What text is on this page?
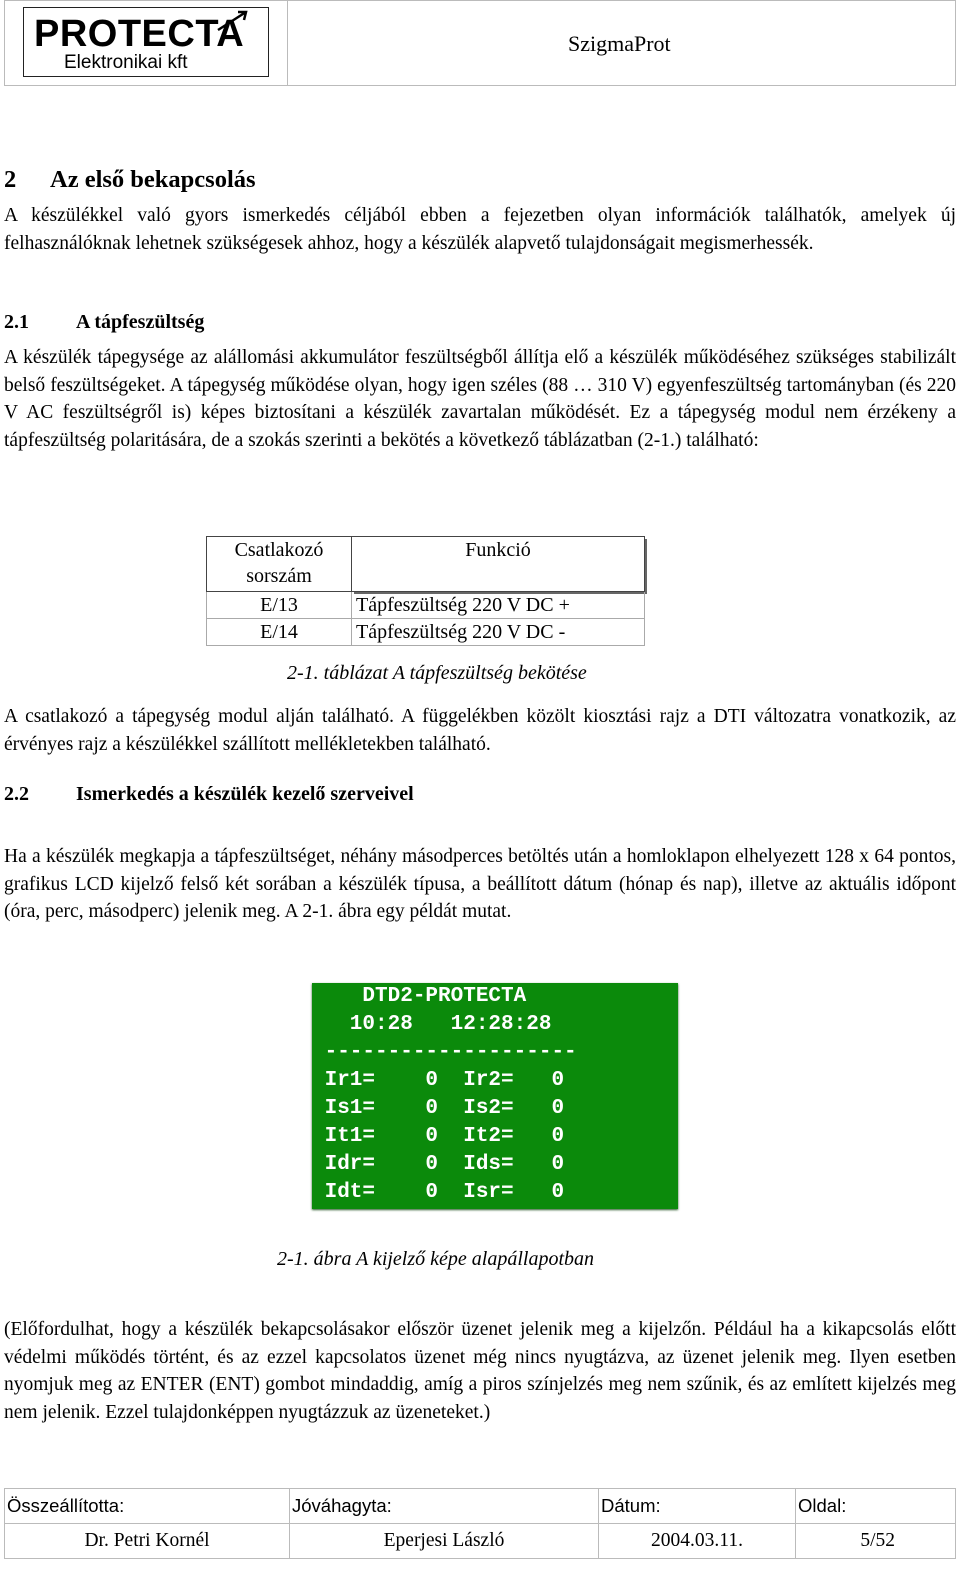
PROTECTA
Elektronikai kft
SzigmaProt
2 Az első bekapcsolás

A készülékkel való gyors ismerkedés céljából ebben a fejezetben olyan információk találhatók, amelyek új felhasználóknak lehetnek szükségesek ahhoz, hogy a készülék alapvető tulajdonságait megismerhessék.

2.1 A tápfeszültség

A készülék tápegysége az alállomási akkumulátor feszültségből állítja elő a készülék működéséhez szükséges stabilizált belső feszültségeket. A tápegység működése olyan, hogy igen széles (88 … 310 V) egyenfeszültség tartományban (és 220 V AC feszültségről is) képes biztosítani a készülék zavartalan működését. Ez a tápegység modul nem érzékeny a tápfeszültség polaritására, de a szokás szerinti a bekötés a következő táblázatban (2-1.) található:

Csatlakozó sorszám	Funkció
E/13	Tápfeszültség 220 V DC +
E/14	Tápfeszültség 220 V DC -
2-1. táblázat A tápfeszültség bekötése

A csatlakozó a tápegység modul alján található. A függelékben közölt kiosztási rajz a DTI változatra vonatkozik, az érvényes rajz a készülékkel szállított mellékletekben található.

2.2 Ismerkedés a készülék kezelő szerveivel

Ha a készülék megkapja a tápfeszültséget, néhány másodperces betöltés után a homloklapon elhelyezett 128 x 64 pontos, grafikus LCD kijelző felső két sorában a készülék típusa, a beállított dátum (hónap és nap), illetve az aktuális időpont (óra, perc, másodperc) jelenik meg. A 2-1. ábra egy példát mutat.

DTD2-PROTECTA
10:28   12:28:28
--------------------
Ir1=    0  Ir2=   0
Is1=    0  Is2=   0
It1=    0  It2=   0
Idr=    0  Ids=   0
Idt=    0  Isr=   0
2-1. ábra A kijelző képe alapállapotban

(Előfordulhat, hogy a készülék bekapcsolásakor először üzenet jelenik meg a kijelzőn. Például ha a kikapcsolás előtt védelmi működés történt, és az ezzel kapcsolatos üzenet még nincs nyugtázva, az üzenet jelenik meg. Ilyen esetben nyomjuk meg az ENTER (ENT) gombot mindaddig, amíg a piros színjelzés meg nem szűnik, és az említett kijelzés meg nem jelenik. Ezzel tulajdonképpen nyugtázzuk az üzeneteket.)

Összeállította:	Jóváhagyta:	Dátum:	Oldal:
Dr. Petri Kornél	Eperjesi László	2004.03.11.	5/52
